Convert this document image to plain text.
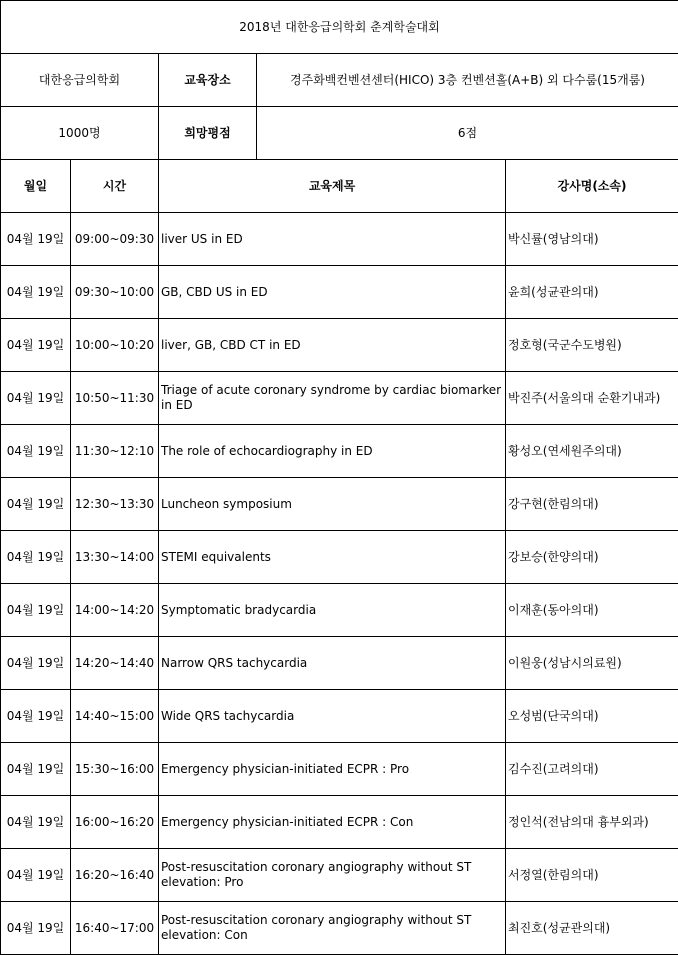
2018년 대한응급의학회 춘계학술대회				
대한응급의학회		교육장소	경주화백컨벤션센터(HICO) 3층 컨벤션홀(A+B) 외 다수룸(15개룸)	
1000명		희망평점	6점	
월일	시간	교육제목		강사명(소속)
04월 19일	09:00~09:30	liver US in ED		박신률(영남의대)
04월 19일	09:30~10:00	GB, CBD US in ED		윤희(성균관의대)
04월 19일	10:00~10:20	liver, GB, CBD CT in ED		정호형(국군수도병원)
04월 19일	10:50~11:30	Triage of acute coronary syndrome by cardiac biomarker in ED		박진주(서울의대 순환기내과)
04월 19일	11:30~12:10	The role of echocardiography in ED		황성오(연세원주의대)
04월 19일	12:30~13:30	Luncheon symposium		강구현(한림의대)
04월 19일	13:30~14:00	STEMI equivalents		강보승(한양의대)
04월 19일	14:00~14:20	Symptomatic bradycardia		이재훈(동아의대)
04월 19일	14:20~14:40	Narrow QRS tachycardia		이원웅(성남시의료원)
04월 19일	14:40~15:00	Wide QRS tachycardia		오성범(단국의대)
04월 19일	15:30~16:00	Emergency physician-initiated ECPR : Pro		김수진(고려의대)
04월 19일	16:00~16:20	Emergency physician-initiated ECPR : Con		정인석(전남의대 흉부외과)
04월 19일	16:20~16:40	Post-resuscitation coronary angiography without ST elevation: Pro		서정열(한림의대)
04월 19일	16:40~17:00	Post-resuscitation coronary angiography without ST elevation: Con		최진호(성균관의대)
